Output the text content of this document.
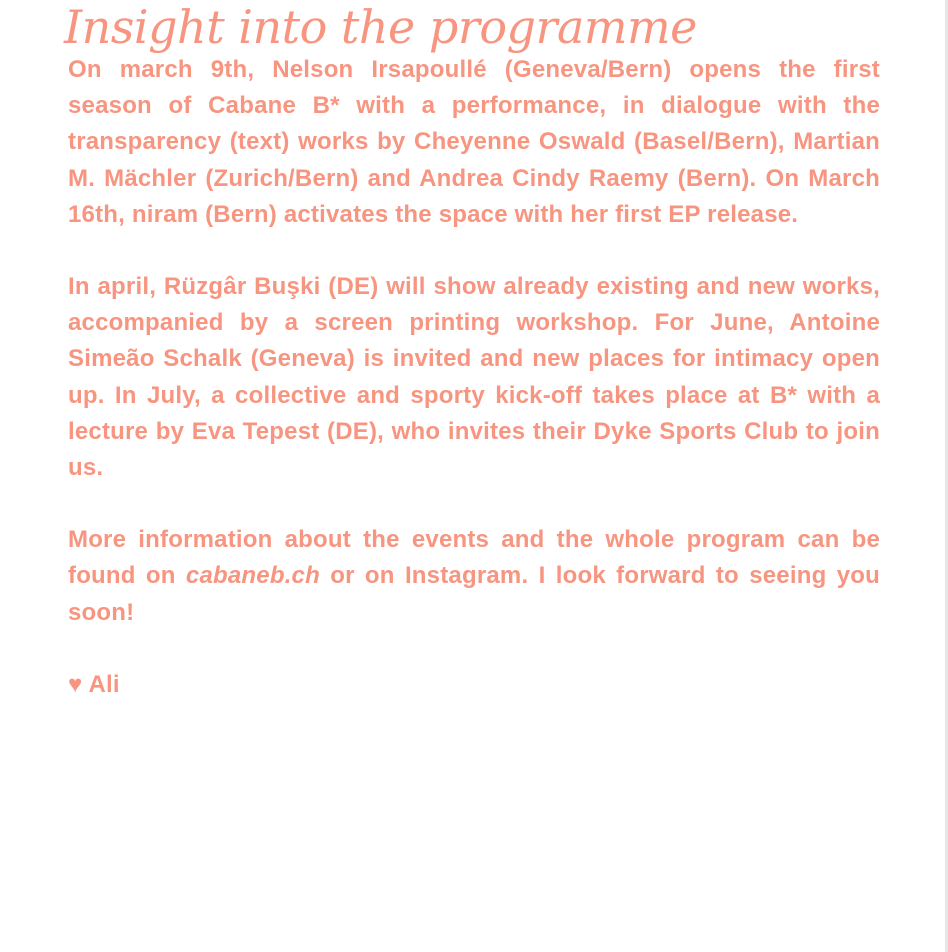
Insight into the programme

On march 9th, Nelson Irsapoullé (Geneva/Bern) opens the first season of Cabane B* with a performance, in dialogue with the transparency (text) works by Cheyenne Oswald (Basel/Bern), Martian M. Mächler (Zurich/Bern) and Andrea Cindy Raemy (Bern). On March 16th, niram (Bern) activates the space with her first EP release.

In april, Rüzgâr Buşki (DE) will show already existing and new works, accompanied by a screen printing workshop. For June, Antoine Simeão Schalk (Geneva) is invited and new places for intimacy open up. In July, a collective and sporty kick-off takes place at B* with a lecture by Eva Tepest (DE), who invites their Dyke Sports Club to join us.

More information about the events and the whole program can be found on cabaneb.ch or on Instagram. I look forward to seeing you soon!

♥ Ali
